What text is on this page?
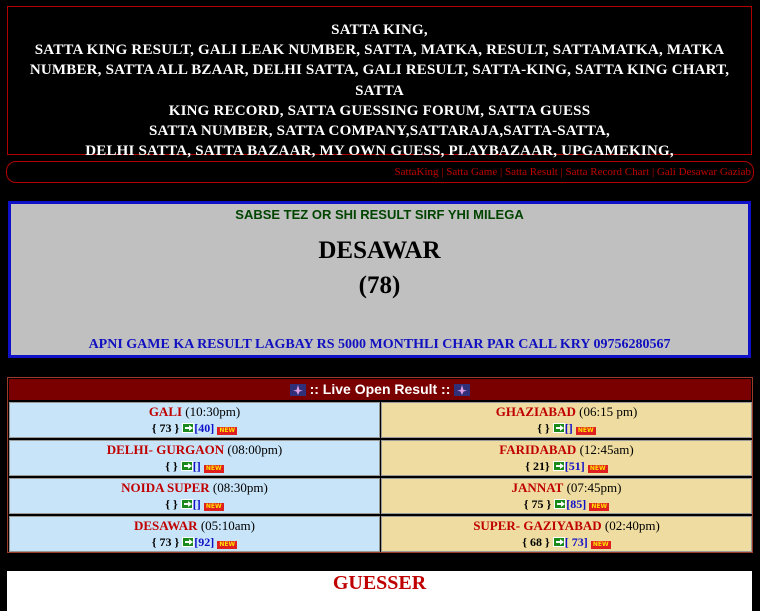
SATTA KING,
SATTA KING RESULT, GALI LEAK NUMBER, SATTA, MATKA, RESULT, SATTAMATKA, MATKA
NUMBER, SATTA ALL BZAAR, DELHI SATTA, GALI RESULT, SATTA-KING, SATTA KING CHART, SATTA
KING RECORD, SATTA GUESSING FORUM, SATTA GUESS
SATTA NUMBER, SATTA COMPANY,SATTARAJA,SATTA-SATTA,
DELHI SATTA, SATTA BAZAAR, MY OWN GUESS, PLAYBAZAAR, UPGAMEKING,
SattaKing | Satta Game | Satta Result | Satta Record Chart | Gali Desawar Gaziab
SABSE TEZ OR SHI RESULT SIRF YHI MILEGA
DESAWAR
(78)
APNI GAME KA RESULT LAGBAY RS 5000 MONTHLI CHAR PAR CALL KRY 09756280567
:: Live Open Result ::
GALI (10:30pm)
{ 73 } [40] NEW
GHAZIABAD (06:15 pm)
{ } [] NEW
DELHI- GURGAON (08:00pm)
{ } [] NEW
FARIDABAD (12:45am)
{ 21} [51] NEW
NOIDA SUPER (08:30pm)
{ } [] NEW
JANNAT (07:45pm)
{ 75 } [85] NEW
DESAWAR (05:10am)
{ 73 } [92] NEW
SUPER- GAZIYABAD (02:40pm)
{ 68 } [ 73] NEW
GUESSER
